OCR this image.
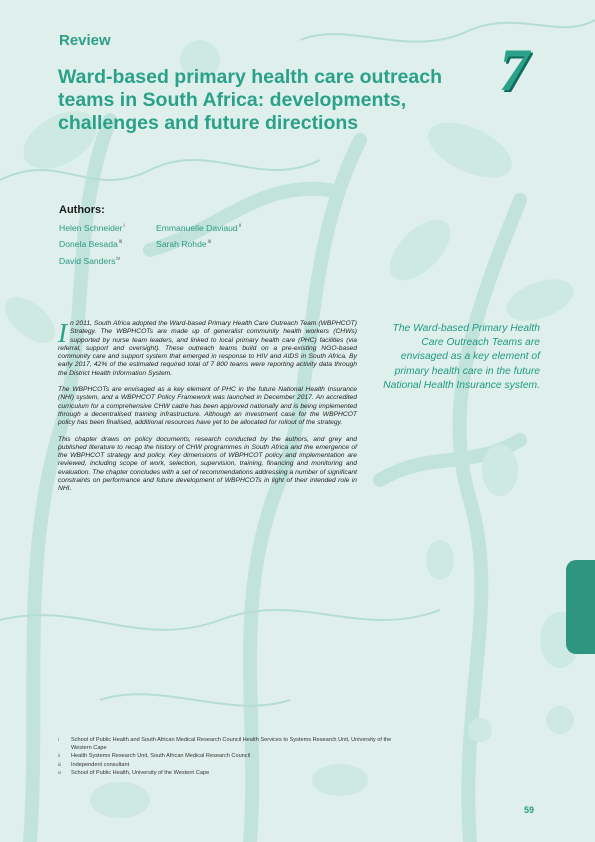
Review	7
Ward-based primary health care outreach teams in South Africa: developments, challenges and future directions
Authors:
Helen Schneider$^i$	Emmanuelle Daviaud$^{ii}$
Donela Besada$^{iii}$	Sarah Rohde$^{iii}$
David Sanders$^{iv}$

In 2011, South Africa adopted the Ward-based Primary Health Care Outreach Team (WBPHCOT) Strategy. The WBPHCOTs are made up of generalist community health workers (CHWs) supported by nurse team leaders, and linked to local primary health care (PHC) facilities (via referral, support and oversight). These outreach teams build on a pre-existing NGO-based community care and support system that emerged in response to HIV and AIDS in South Africa. By early 2017, 42% of the estimated required total of 7 800 teams were reporting activity data through the District Health Information System.

The WBPHCOTs are envisaged as a key element of PHC in the future National Health Insurance (NHI) system, and a WBPHCOT Policy Framework was launched in December 2017. An accredited curriculum for a comprehensive CHW cadre has been approved nationally and is being implemented through a decentralised training infrastructure. Although an investment case for the WBPHCOT policy has been finalised, additional resources have yet to be allocated for rollout of the strategy.

This chapter draws on policy documents, research conducted by the authors, and grey and published literature to recap the history of CHW programmes in South Africa and the emergence of the WBPHCOT strategy and policy. Key dimensions of WBPHCOT policy and implementation are reviewed, including scope of work, selection, supervision, training, financing and monitoring and evaluation. The chapter concludes with a set of recommendations addressing a number of significant constraints on performance and future development of WBPHCOTs in light of their intended role in NHI.

The Ward-based Primary Health Care Outreach Teams are envisaged as a key element of primary health care in the future National Health Insurance system.
i School of Public Health and South African Medical Research Council Health Services to Systems Research Unit, University of the Western Cape
ii Health Systems Research Unit, South African Medical Research Council
iii Independent consultant
iv School of Public Health, University of the Western Cape
59
